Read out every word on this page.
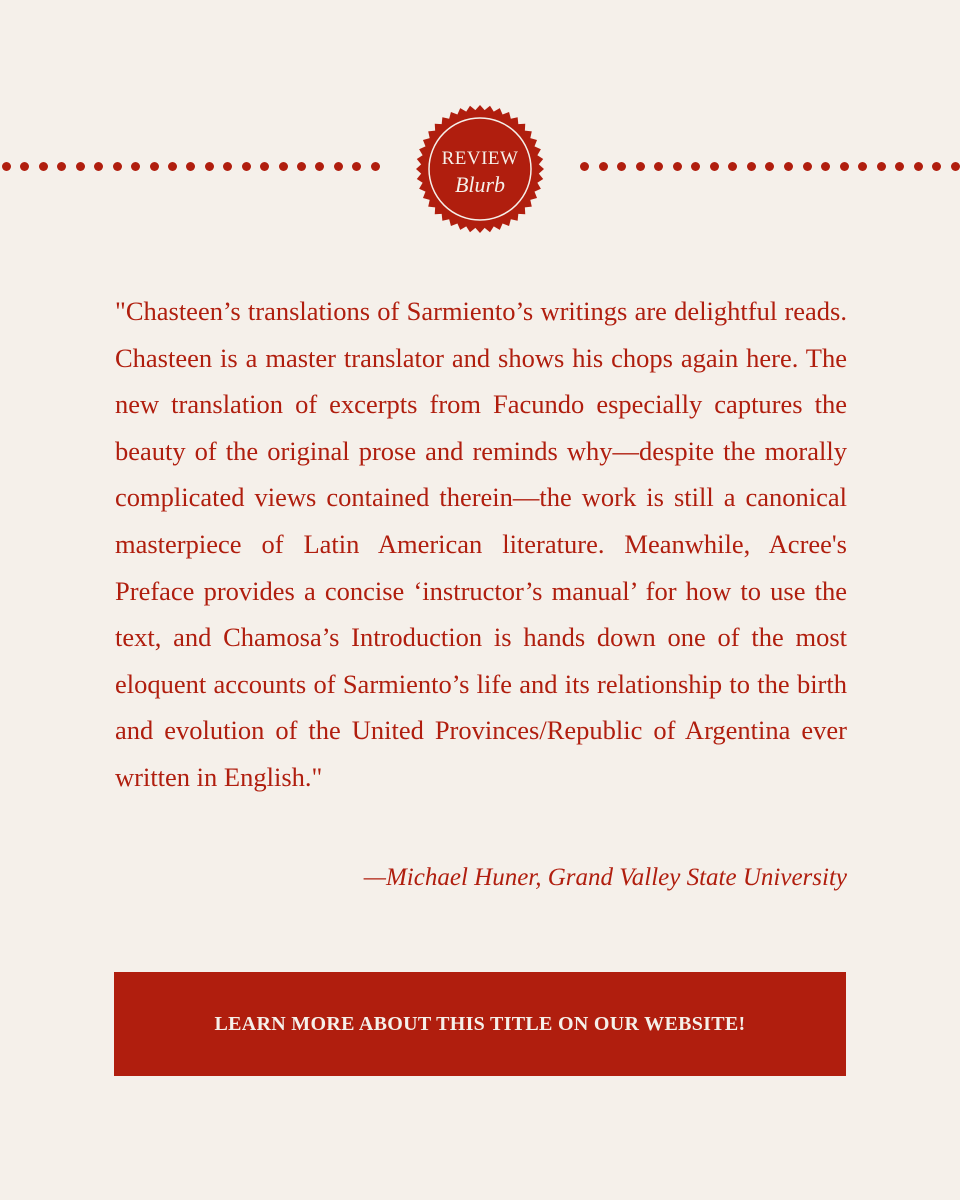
REVIEW
Blurb

"Chasteen’s translations of Sarmiento’s writings are delightful reads. Chasteen is a master translator and shows his chops again here. The new translation of excerpts from Facundo especially captures the beauty of the original prose and reminds why—despite the morally complicated views contained therein—the work is still a canonical masterpiece of Latin American literature. Meanwhile, Acree's Preface provides a concise ‘instructor’s manual’ for how to use the text, and Chamosa’s Introduction is hands down one of the most eloquent accounts of Sarmiento’s life and its relationship to the birth and evolution of the United Provinces/Republic of Argentina ever written in English."

—Michael Huner, Grand Valley State University

LEARN MORE ABOUT THIS TITLE ON OUR WEBSITE!
